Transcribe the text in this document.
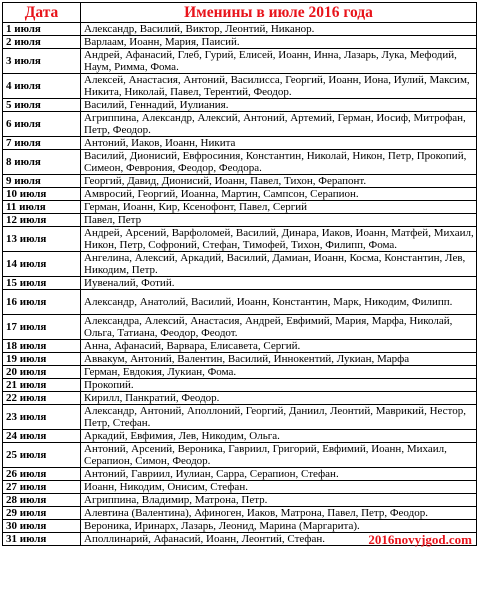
Дата	Именины в июле 2016 года
1 июля	Александр, Василий, Виктор, Леонтий, Никанор.
2 июля	Варлаам, Иоанн, Мария, Паисий.
3 июля	Андрей, Афанасий, Глеб, Гурий, Елисей, Иоанн, Инна, Лазарь, Лука, Мефодий, Наум, Римма, Фома.
4 июля	Алексей, Анастасия, Антоний, Василисса, Георгий, Иоанн, Иона, Иулий, Максим, Никита, Николай, Павел, Терентий, Феодор.
5 июля	Василий, Геннадий, Иулиания.
6 июля	Агриппина, Александр, Алексий, Антоний, Артемий, Герман, Иосиф, Митрофан, Петр, Феодор.
7 июля	Антоний, Иаков, Иоанн, Никита
8 июля	Василий, Дионисий, Евфросиния, Константин, Николай, Никон, Петр, Прокопий, Симеон, Феврония, Феодор, Феодора.
9 июля	Георгий, Давид, Дионисий, Иоанн, Павел, Тихон, Ферапонт.
10 июля	Амвросий, Георгий, Иоанна, Мартин, Сампсон, Серапион.
11 июля	Герман, Иоанн, Кир, Ксенофонт, Павел, Сергий
12 июля	Павел, Петр
13 июля	Андрей, Арсений, Варфоломей, Василий, Динара, Иаков, Иоанн, Матфей, Михаил, Никон, Петр, Софроний, Стефан, Тимофей, Тихон, Филипп, Фома.
14 июля	Ангелина, Алексий, Аркадий, Василий, Дамиан, Иоанн, Косма, Константин, Лев, Никодим, Петр.
15 июля	Иувеналий, Фотий.
16 июля	Александр, Анатолий, Василий, Иоанн, Константин, Марк, Никодим, Филипп.
17 июля	Александра, Алексий, Анастасия, Андрей, Евфимий, Мария, Марфа, Николай, Ольга, Татиана, Феодор, Феодот.
18 июля	Анна, Афанасий, Варвара, Елисавета, Сергий.
19 июля	Аввакум, Антоний, Валентин, Василий, Иннокентий, Лукиан, Марфа
20 июля	Герман, Евдокия, Лукиан, Фома.
21 июля	Прокопий.
22 июля	Кирилл, Панкратий, Феодор.
23 июля	Александр, Антоний, Аполлоний, Георгий, Даниил, Леонтий, Маврикий, Нестор, Петр, Стефан.
24 июля	Аркадий, Евфимия, Лев, Никодим, Ольга.
25 июля	Антоний, Арсений, Вероника, Гавриил, Григорий, Евфимий, Иоанн, Михаил, Серапион, Симон, Феодор.
26 июля	Антоний, Гавриил, Иулиан, Сарра, Серапион, Стефан.
27 июля	Иоанн, Никодим, Онисим, Стефан.
28 июля	Агриппина, Владимир, Матрона, Петр.
29 июля	Алевтина (Валентина), Афиноген, Иаков, Матрона, Павел, Петр, Феодор.
30 июля	Вероника, Иринарх, Лазарь, Леонид, Марина (Маргарита).
31 июля	Аполлинарий, Афанасий, Иоанн, Леонтий, Стефан. 2016novyjgod.com
